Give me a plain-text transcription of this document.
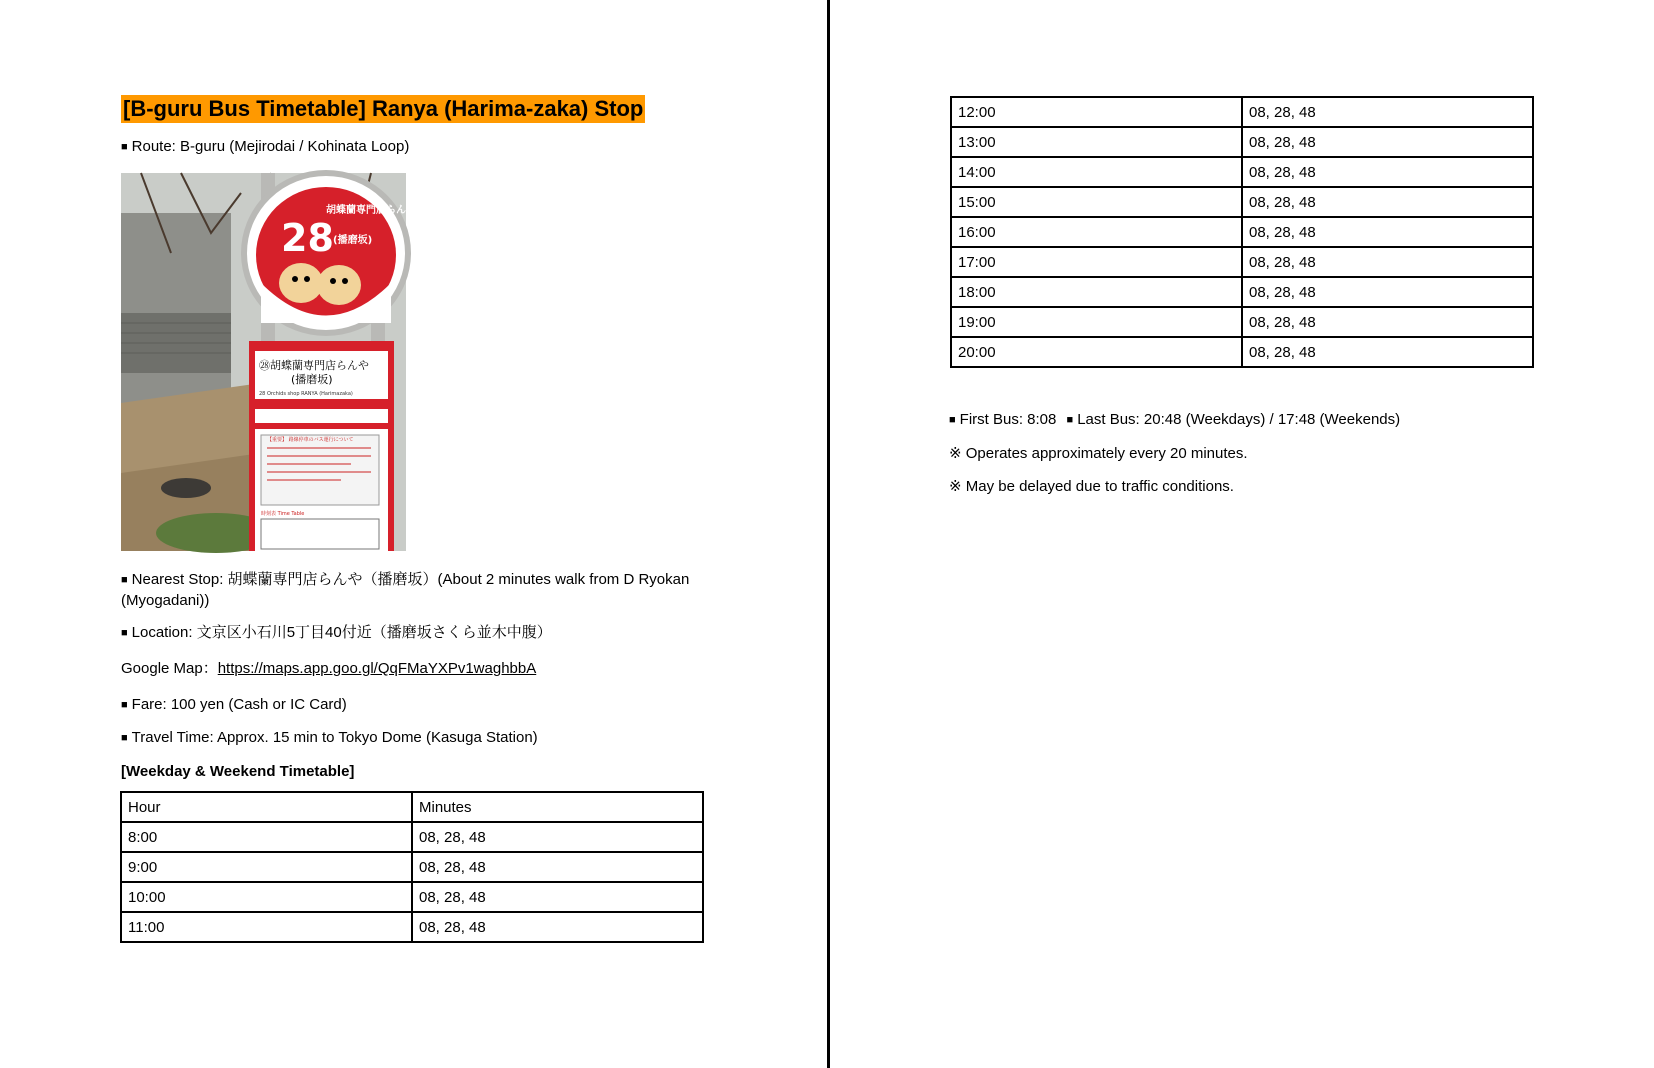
[B-guru Bus Timetable] Ranya (Harima-zaka) Stop
■ Route: B-guru (Mejirodai / Kohinata Loop)
28
胡蝶蘭専門店らんや
(播磨坂)
㉘胡蝶蘭専門店らんや
(播磨坂)
28 Orchids shop RANYA (Harimazaka)
【重要】 路線停車のバス運行について
時刻表 Time Table
■ Nearest Stop: 胡蝶蘭専門店らんや（播磨坂）(About 2 minutes walk from D Ryokan (Myogadani))
■ Location: 文京区小石川5丁目40付近（播磨坂さくら並木中腹）
Google Map：https://maps.app.goo.gl/QqFMaYXPv1waghbbA
■ Fare: 100 yen (Cash or IC Card)
■ Travel Time: Approx. 15 min to Tokyo Dome (Kasuga Station)
[Weekday & Weekend Timetable]
Hour	Minutes
8:00	08, 28, 48
9:00	08, 28, 48
10:00	08, 28, 48
11:00	08, 28, 48
12:00	08, 28, 48
13:00	08, 28, 48
14:00	08, 28, 48
15:00	08, 28, 48
16:00	08, 28, 48
17:00	08, 28, 48
18:00	08, 28, 48
19:00	08, 28, 48
20:00	08, 28, 48
■ First Bus: 8:08 ■ Last Bus: 20:48 (Weekdays) / 17:48 (Weekends)
※ Operates approximately every 20 minutes.
※ May be delayed due to traffic conditions.
